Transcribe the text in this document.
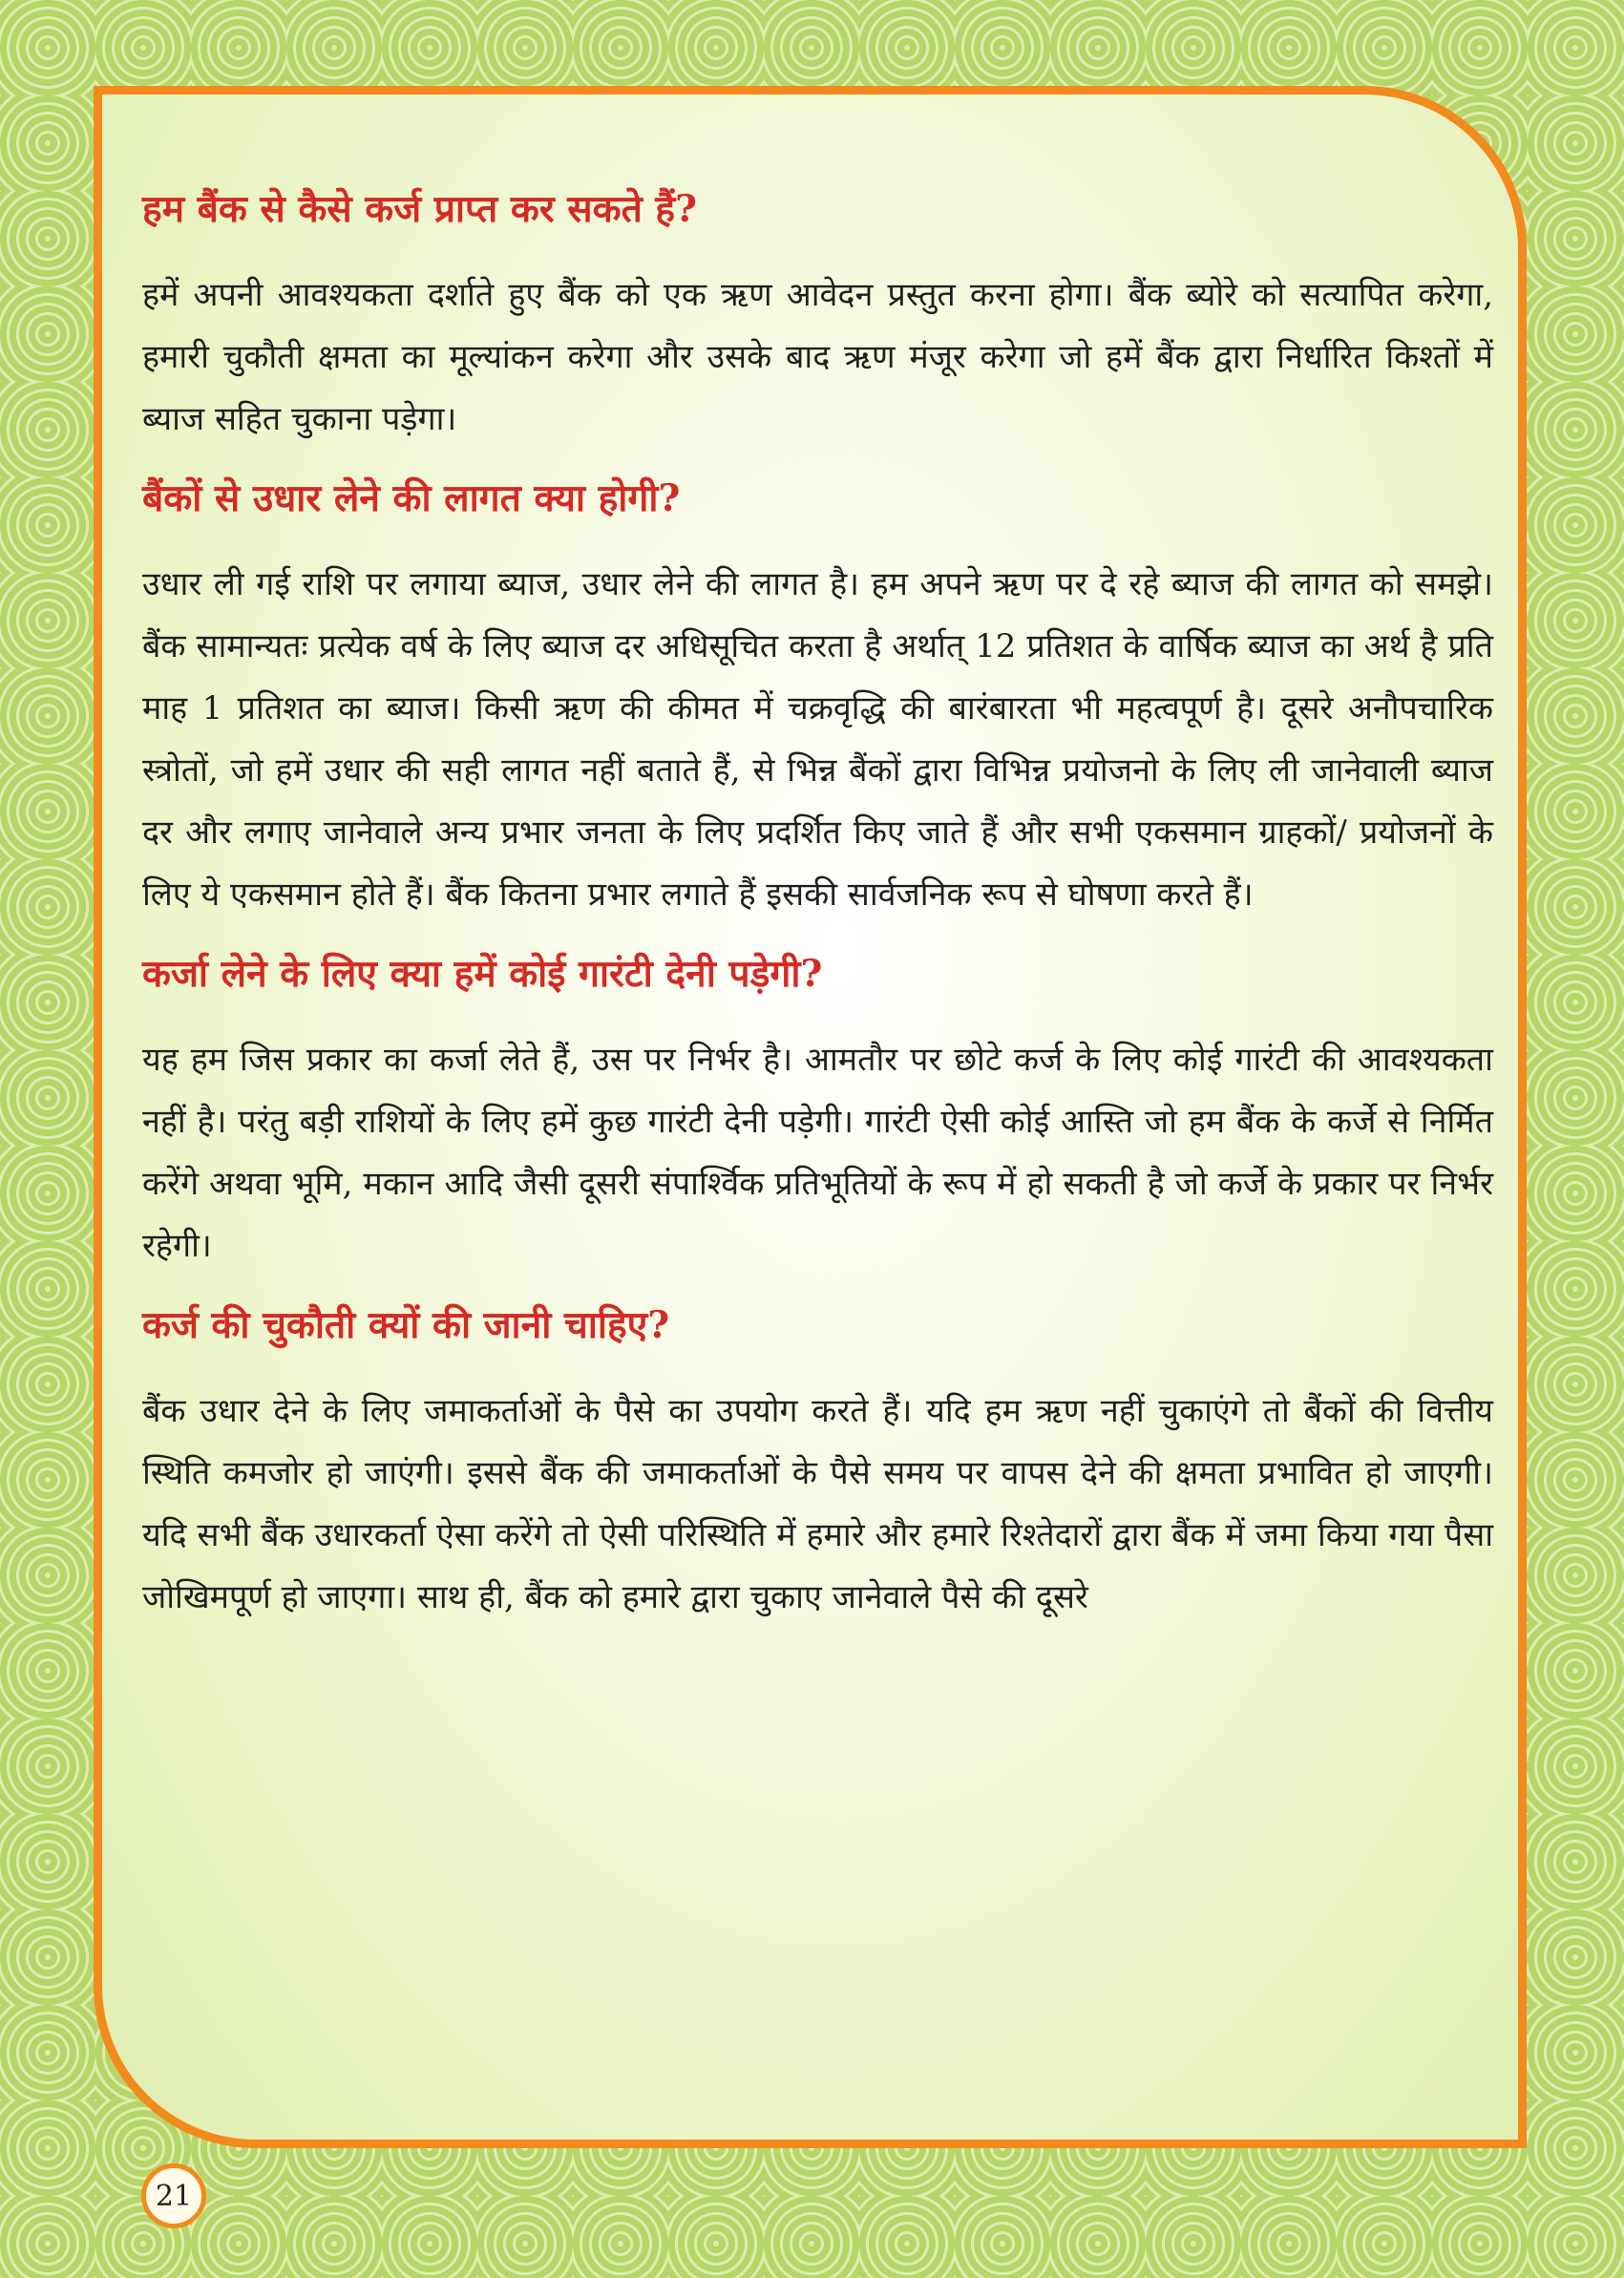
हम बैंक से कैसे कर्ज प्राप्त कर सकते हैं?

हमें अपनी आवश्यकता दर्शाते हुए बैंक को एक ऋण आवेदन प्रस्तुत करना होगा। बैंक ब्योरे को सत्यापित करेगा, हमारी चुकौती क्षमता का मूल्यांकन करेगा और उसके बाद ऋण मंजूर करेगा जो हमें बैंक द्वारा निर्धारित किश्तों में ब्याज सहित चुकाना पड़ेगा।

बैंकों से उधार लेने की लागत क्या होगी?

उधार ली गई राशि पर लगाया ब्याज, उधार लेने की लागत है। हम अपने ऋण पर दे रहे ब्याज की लागत को समझे। बैंक सामान्यतः प्रत्येक वर्ष के लिए ब्याज दर अधिसूचित करता है अर्थात् 12 प्रतिशत के वार्षिक ब्याज का अर्थ है प्रति माह 1 प्रतिशत का ब्याज। किसी ऋण की कीमत में चक्रवृद्धि की बारंबारता भी महत्वपूर्ण है। दूसरे अनौपचारिक स्त्रोतों, जो हमें उधार की सही लागत नहीं बताते हैं, से भिन्न बैंकों द्वारा विभिन्न प्रयोजनो के लिए ली जानेवाली ब्याज दर और लगाए जानेवाले अन्य प्रभार जनता के लिए प्रदर्शित किए जाते हैं और सभी एकसमान ग्राहकों/ प्रयोजनों के लिए ये एकसमान होते हैं। बैंक कितना प्रभार लगाते हैं इसकी सार्वजनिक रूप से घोषणा करते हैं।

कर्जा लेने के लिए क्या हमें कोई गारंटी देनी पड़ेगी?

यह हम जिस प्रकार का कर्जा लेते हैं, उस पर निर्भर है। आमतौर पर छोटे कर्ज के लिए कोई गारंटी की आवश्यकता नहीं है। परंतु बड़ी राशियों के लिए हमें कुछ गारंटी देनी पड़ेगी। गारंटी ऐसी कोई आस्ति जो हम बैंक के कर्जे से निर्मित करेंगे अथवा भूमि, मकान आदि जैसी दूसरी संपार्श्विक प्रतिभूतियों के रूप में हो सकती है जो कर्जे के प्रकार पर निर्भर रहेगी।

कर्ज की चुकौती क्यों की जानी चाहिए?

बैंक उधार देने के लिए जमाकर्ताओं के पैसे का उपयोग करते हैं। यदि हम ऋण नहीं चुकाएंगे तो बैंकों की वित्तीय स्थिति कमजोर हो जाएंगी। इससे बैंक की जमाकर्ताओं के पैसे समय पर वापस देने की क्षमता प्रभावित हो जाएगी। यदि सभी बैंक उधारकर्ता ऐसा करेंगे तो ऐसी परिस्थिति में हमारे और हमारे रिश्तेदारों द्वारा बैंक में जमा किया गया पैसा जोखिमपूर्ण हो जाएगा। साथ ही, बैंक को हमारे द्वारा चुकाए जानेवाले पैसे की दूसरे

21
